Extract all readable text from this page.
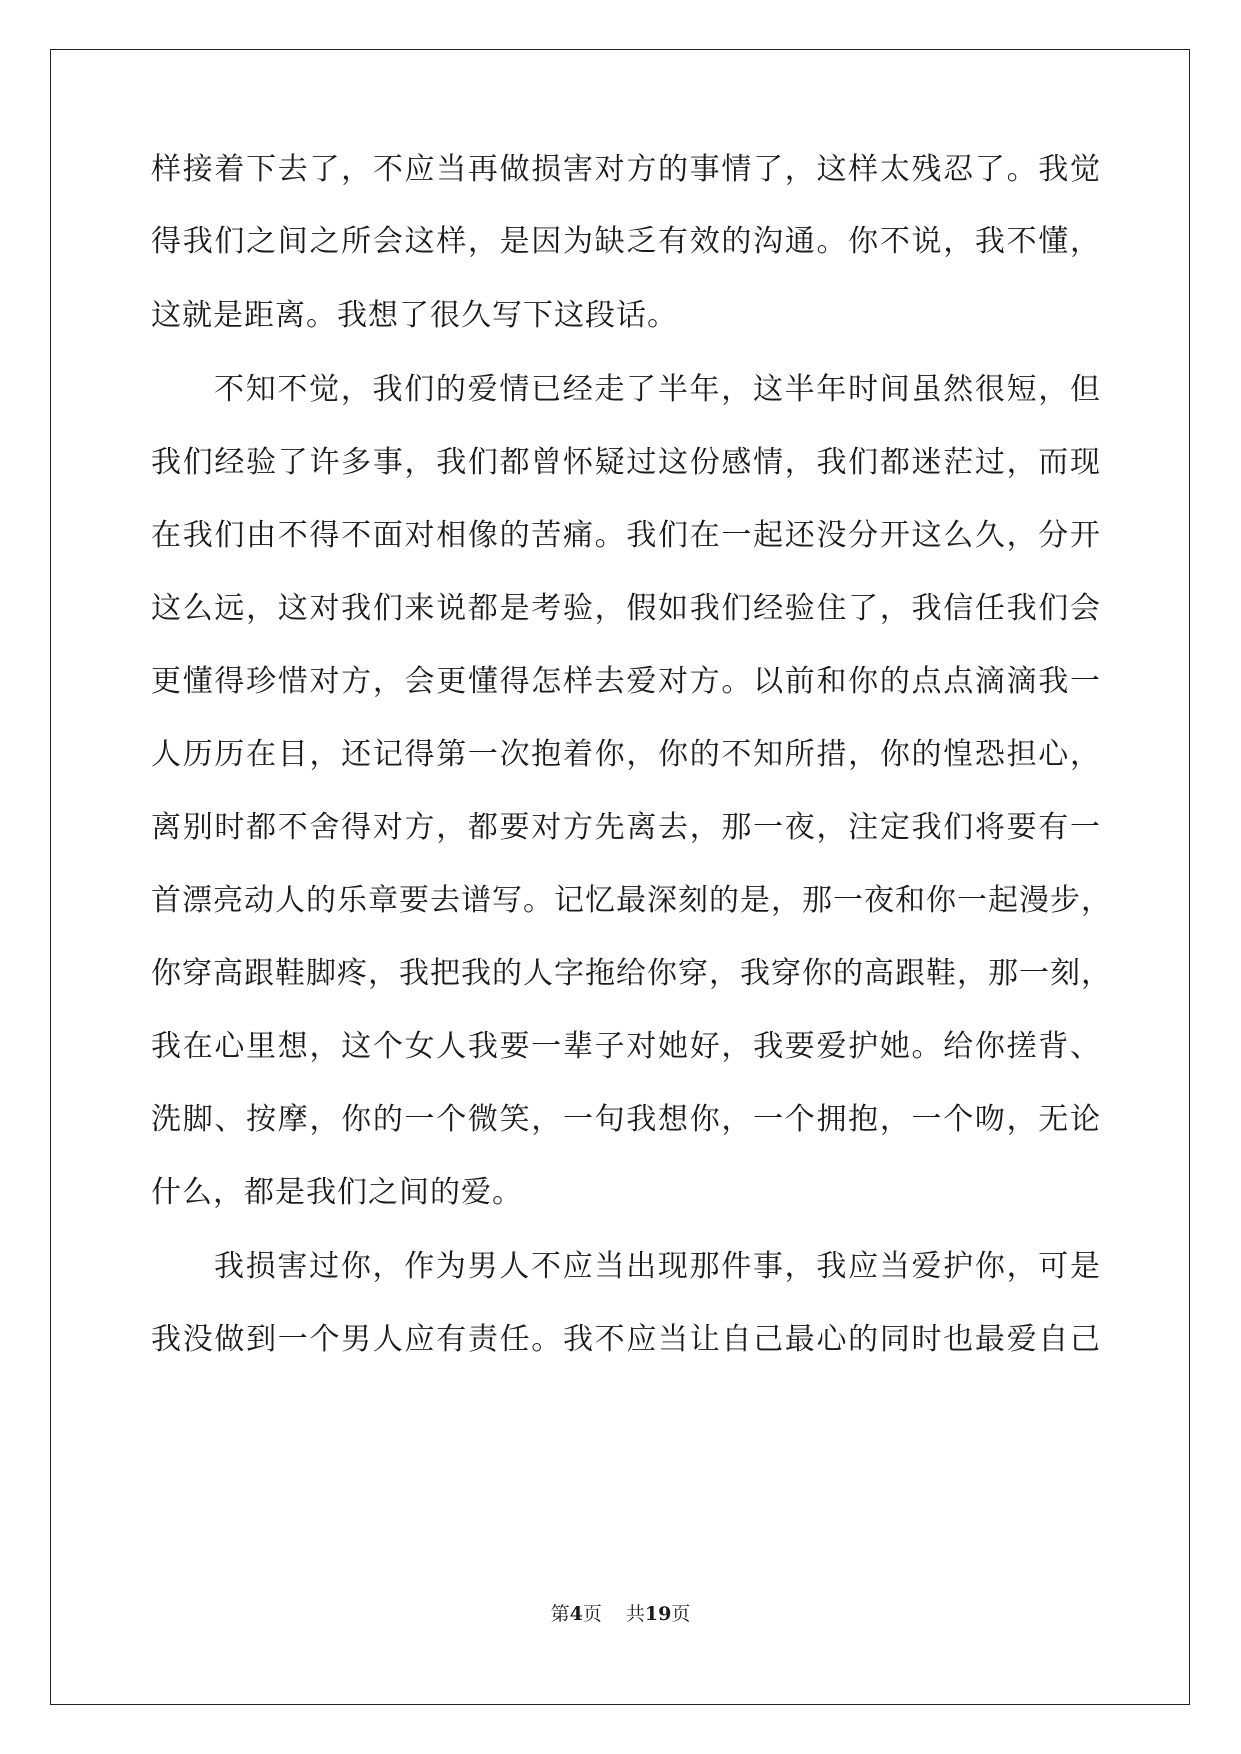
样接着下去了，不应当再做损害对方的事情了，这样太残忍了。我觉
得我们之间之所会这样，是因为缺乏有效的沟通。你不说，我不懂，
这就是距离。我想了很久写下这段话。
不知不觉，我们的爱情已经走了半年，这半年时间虽然很短，但
我们经验了许多事，我们都曾怀疑过这份感情，我们都迷茫过，而现
在我们由不得不面对相像的苦痛。我们在一起还没分开这么久，分开
这么远，这对我们来说都是考验，假如我们经验住了，我信任我们会
更懂得珍惜对方，会更懂得怎样去爱对方。以前和你的点点滴滴我一
人历历在目，还记得第一次抱着你，你的不知所措，你的惶恐担心，
离别时都不舍得对方，都要对方先离去，那一夜，注定我们将要有一
首漂亮动人的乐章要去谱写。记忆最深刻的是，那一夜和你一起漫步，
你穿高跟鞋脚疼，我把我的人字拖给你穿，我穿你的高跟鞋，那一刻，
我在心里想，这个女人我要一辈子对她好，我要爱护她。给你搓背、
洗脚、按摩，你的一个微笑，一句我想你，一个拥抱，一个吻，无论
什么，都是我们之间的爱。
我损害过你，作为男人不应当出现那件事，我应当爱护你，可是
我没做到一个男人应有责任。我不应当让自己最心的同时也最爱自己
第4页 共19页
